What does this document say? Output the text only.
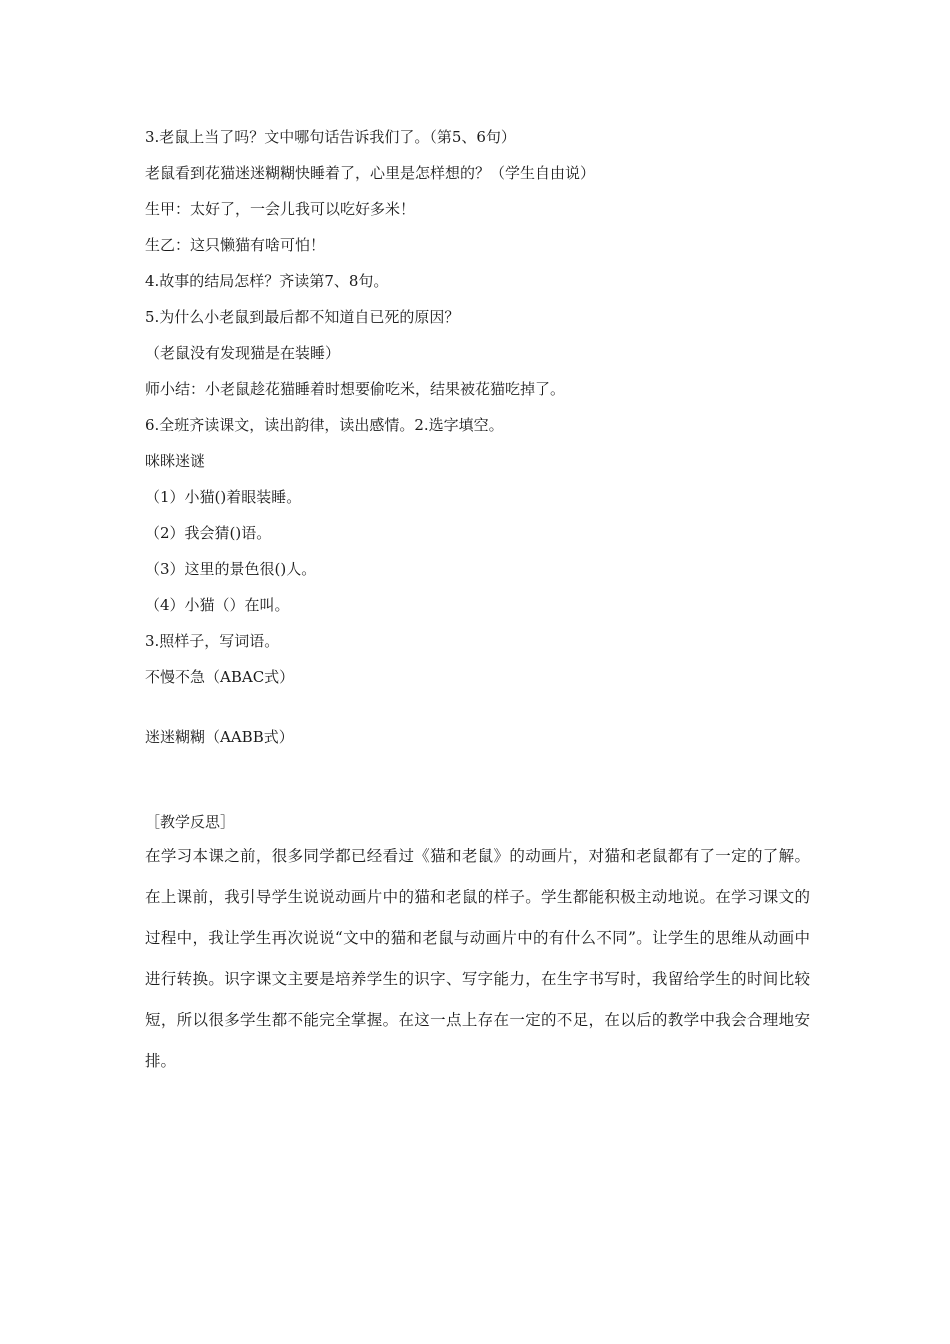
3.老鼠上当了吗？文中哪句话告诉我们了。（第5、6句）
老鼠看到花猫迷迷糊糊快睡着了，心里是怎样想的？（学生自由说）
生甲：太好了，一会儿我可以吃好多米！
生乙：这只懒猫有啥可怕！
4.故事的结局怎样？齐读第7、8句。
5.为什么小老鼠到最后都不知道自已死的原因？
（老鼠没有发现猫是在装睡）
师小结：小老鼠趁花猫睡着时想要偷吃米，结果被花猫吃掉了。
6.全班齐读课文，读出韵律，读出感情。2.选字填空。
咪眯迷谜
（1）小猫()着眼装睡。
（2）我会猜()语。
（3）这里的景色很()人。
（4）小猫（）在叫。
3.照样子，写词语。
不慢不急（ABAC式）
迷迷糊糊（AABB式）
［教学反思］
在学习本课之前，很多同学都已经看过《猫和老鼠》的动画片，对猫和老鼠都有了一定的了解。在上课前，我引导学生说说动画片中的猫和老鼠的样子。学生都能积极主动地说。在学习课文的过程中，我让学生再次说说“文中的猫和老鼠与动画片中的有什么不同”。让学生的思维从动画中进行转换。识字课文主要是培养学生的识字、写字能力，在生字书写时，我留给学生的时间比较短，所以很多学生都不能完全掌握。在这一点上存在一定的不足，在以后的教学中我会合理地安排。
